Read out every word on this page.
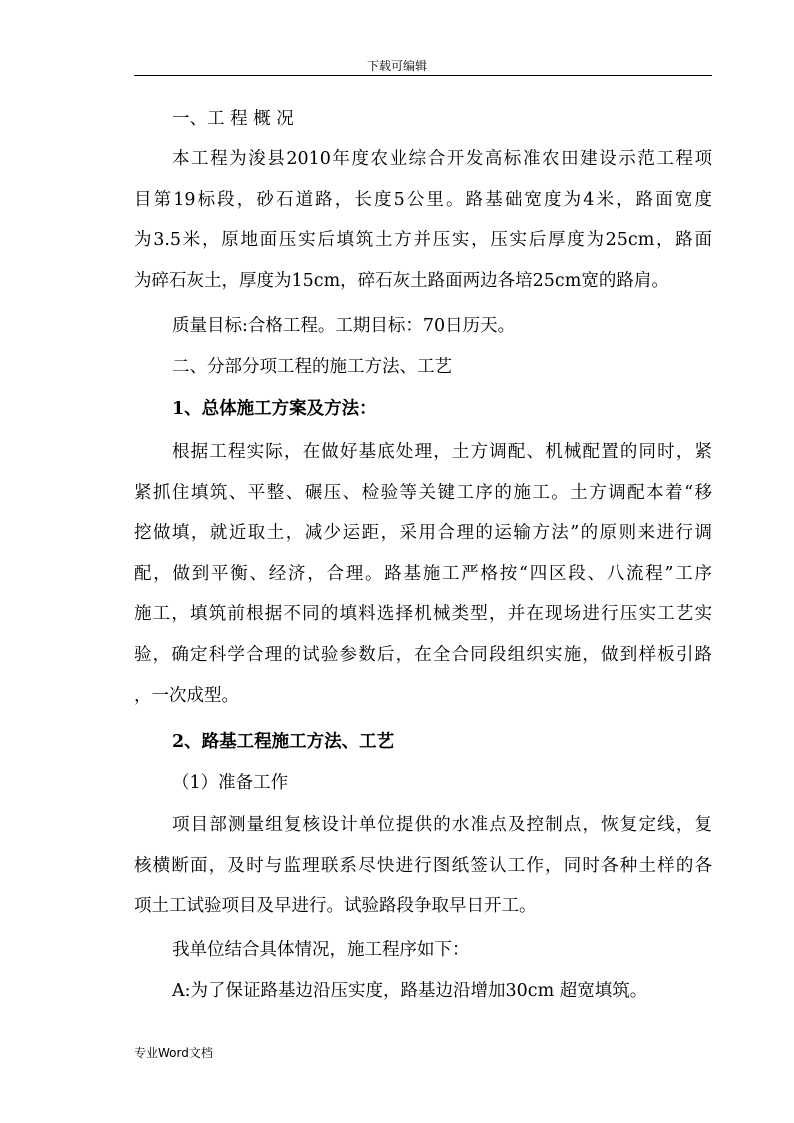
下载可编辑
一、工 程 概 况
本工程为浚县2010年度农业综合开发高标准农田建设示范工程项
目第19标段，砂石道路，长度5公里。路基础宽度为4米，路面宽度
为3.5米，原地面压实后填筑土方并压实，压实后厚度为25cm，路面
为碎石灰土，厚度为15cm，碎石灰土路面两边各培25cm宽的路肩。
质量目标:合格工程。工期目标：70日历天。
二、分部分项工程的施工方法、工艺
1、总体施工方案及方法：
根据工程实际，在做好基底处理，土方调配、机械配置的同时，紧
紧抓住填筑、平整、碾压、检验等关键工序的施工。土方调配本着“移
挖做填，就近取土，减少运距，采用合理的运输方法”的原则来进行调
配，做到平衡、经济，合理。路基施工严格按“四区段、八流程”工序
施工，填筑前根据不同的填料选择机械类型，并在现场进行压实工艺实
验，确定科学合理的试验参数后，在全合同段组织实施，做到样板引路
，一次成型。
2、路基工程施工方法、工艺
（1）准备工作
项目部测量组复核设计单位提供的水准点及控制点，恢复定线，复
核横断面，及时与监理联系尽快进行图纸签认工作，同时各种土样的各
项土工试验项目及早进行。试验路段争取早日开工。
我单位结合具体情况，施工程序如下：
A:为了保证路基边沿压实度，路基边沿增加30cm 超宽填筑。
专业Word文档
